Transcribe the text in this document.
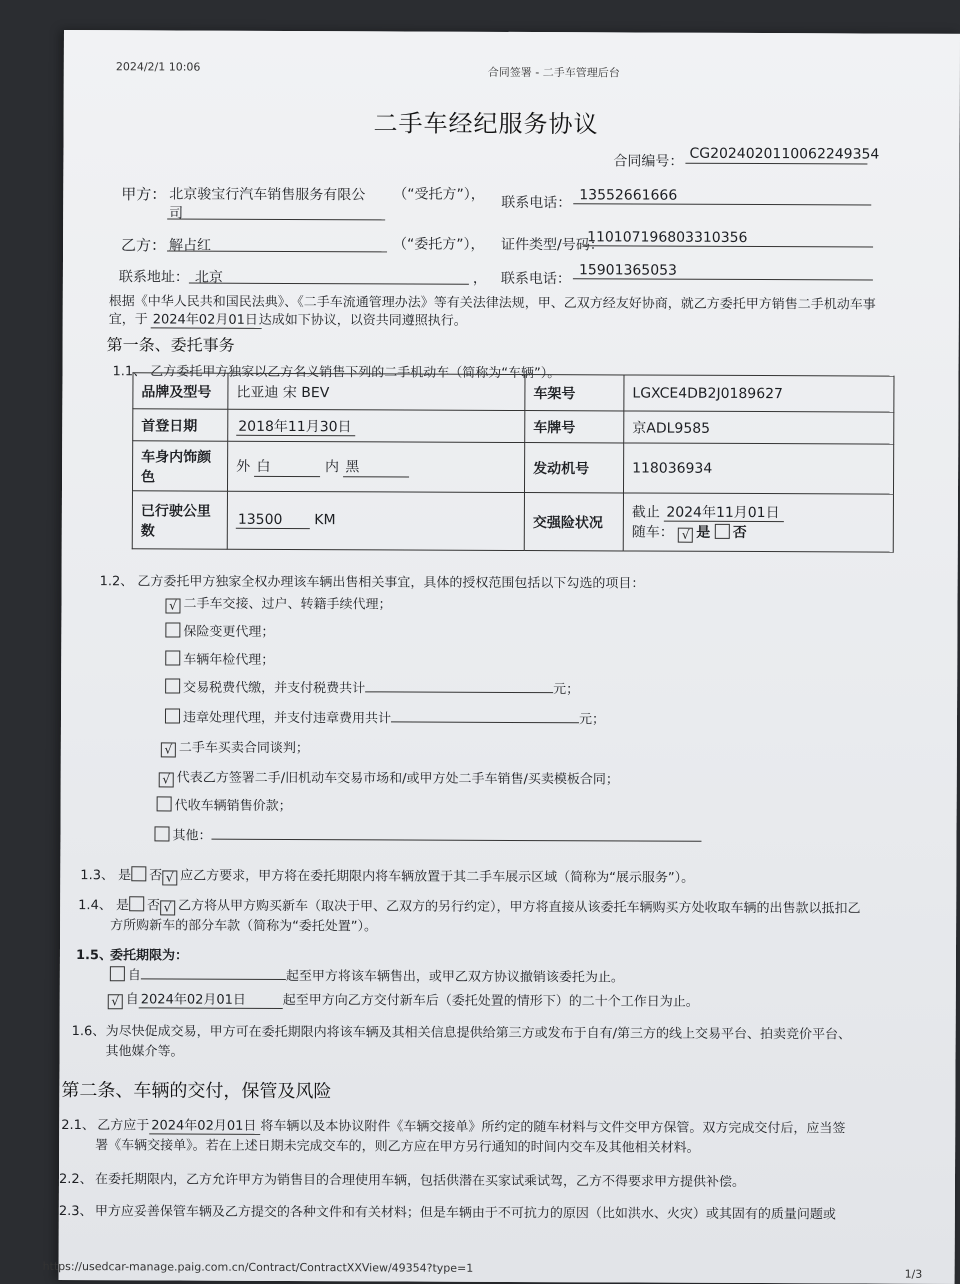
2024/2/1 10:06	合同签署 - 二手车管理后台
二手车经纪服务协议
合同编号： CG20240201100622493​54
甲方： 北京骏宝行汽车销售服务有限公
司
（“受托方”），
联系电话： 13552661666
乙方： 解占红	（“委托方”）， 证件类型/号码：
110107196803310356
联系地址： 北京	， 联系电话：
15901365053
根据《中华人民共和国民法典》、《二手车流通管理办法》等有关法律法规，甲、乙双方经友好协商，就乙方委托甲方销售二手机动车事
宜，于 2024年02月01日 达成如下协议，以资共同遵照执行。
第一条、委托事务
1.1、 乙方委托甲方独家以乙方名义销售下列的二手机动车（简称为“车辆”）。
品牌及型号	比亚迪 宋 BEV	车架号	LGXCE4DB2J0189627
首登日期	2018年11月30日	车牌号	京ADL9585
车身内饰颜色	外 白 内 黑	发动机号	118036934
已行驶公里数	13500 KM	交强险状况	截止 2024年11月01日
随车： √ 是 否
1.2、 乙方委托甲方独家全权办理该车辆出售相关事宜，具体的授权范围包括以下勾选的项目：
√ 二手车交接、过户、转籍手续代理；
保险变更代理；
车辆年检代理；
交易税费代缴，并支付税费共计	元；
违章处理代理，并支付违章费用共计	元；
√ 二手车买卖合同谈判；
√ 代表乙方签署二手/旧机动车交易市场和/或甲方处二手车销售/买卖模板合同；
代收车辆销售价款；
其他：
1.3、 是 否 √ 应乙方要求，甲方将在委托期限内将车辆放置于其二手车展示区域（简称为“展示服务”）。
1.4、 是 否 √ 乙方将从甲方购买新车（取决于甲、乙双方的另行约定），甲方将直接从该委托车辆购买方处收取车辆的出售款以抵扣乙
方所购新车的部分车款（简称为“委托处置”）。
1.5、
委托期限为：
自	起至甲方将该车辆售出，或甲乙双方协议撤销该委托为止。
√ 自 2024年02月01日	起至甲方向乙方交付新车后（委托处置的情形下）的二十个工作日为止。
1.6、 为尽快促成交易，甲方可在委托期限内将该车辆及其相关信息提供给第三方或发布于自有/第三方的线上交易平台、拍卖竞价平台、
其他媒介等。
第二条、车辆的交付，保管及风险
2.1、 乙方应于 2024年02月01日 将车辆以及本协议附件《车辆交接单》所约定的随车材料与文件交甲方保管。双方完成交付后，应当签
署《车辆交接单》。若在上述日期未完成交车的，则乙方应在甲方另行通知的时间内交车及其他相关材料。
2.2、 在委托期限内，乙方允许甲方为销售目的合理使用车辆，包括供潜在买家试乘试驾，乙方不得要求甲方提供补偿。
2.3、 甲方应妥善保管车辆及乙方提交的各种文件和有关材料；但是车辆由于不可抗力的原因（比如洪水、火灾）或其固有的质量问题或
https://usedcar-manage.paig.com.cn/Contract/ContractXXView/49354?type=1	1/3
